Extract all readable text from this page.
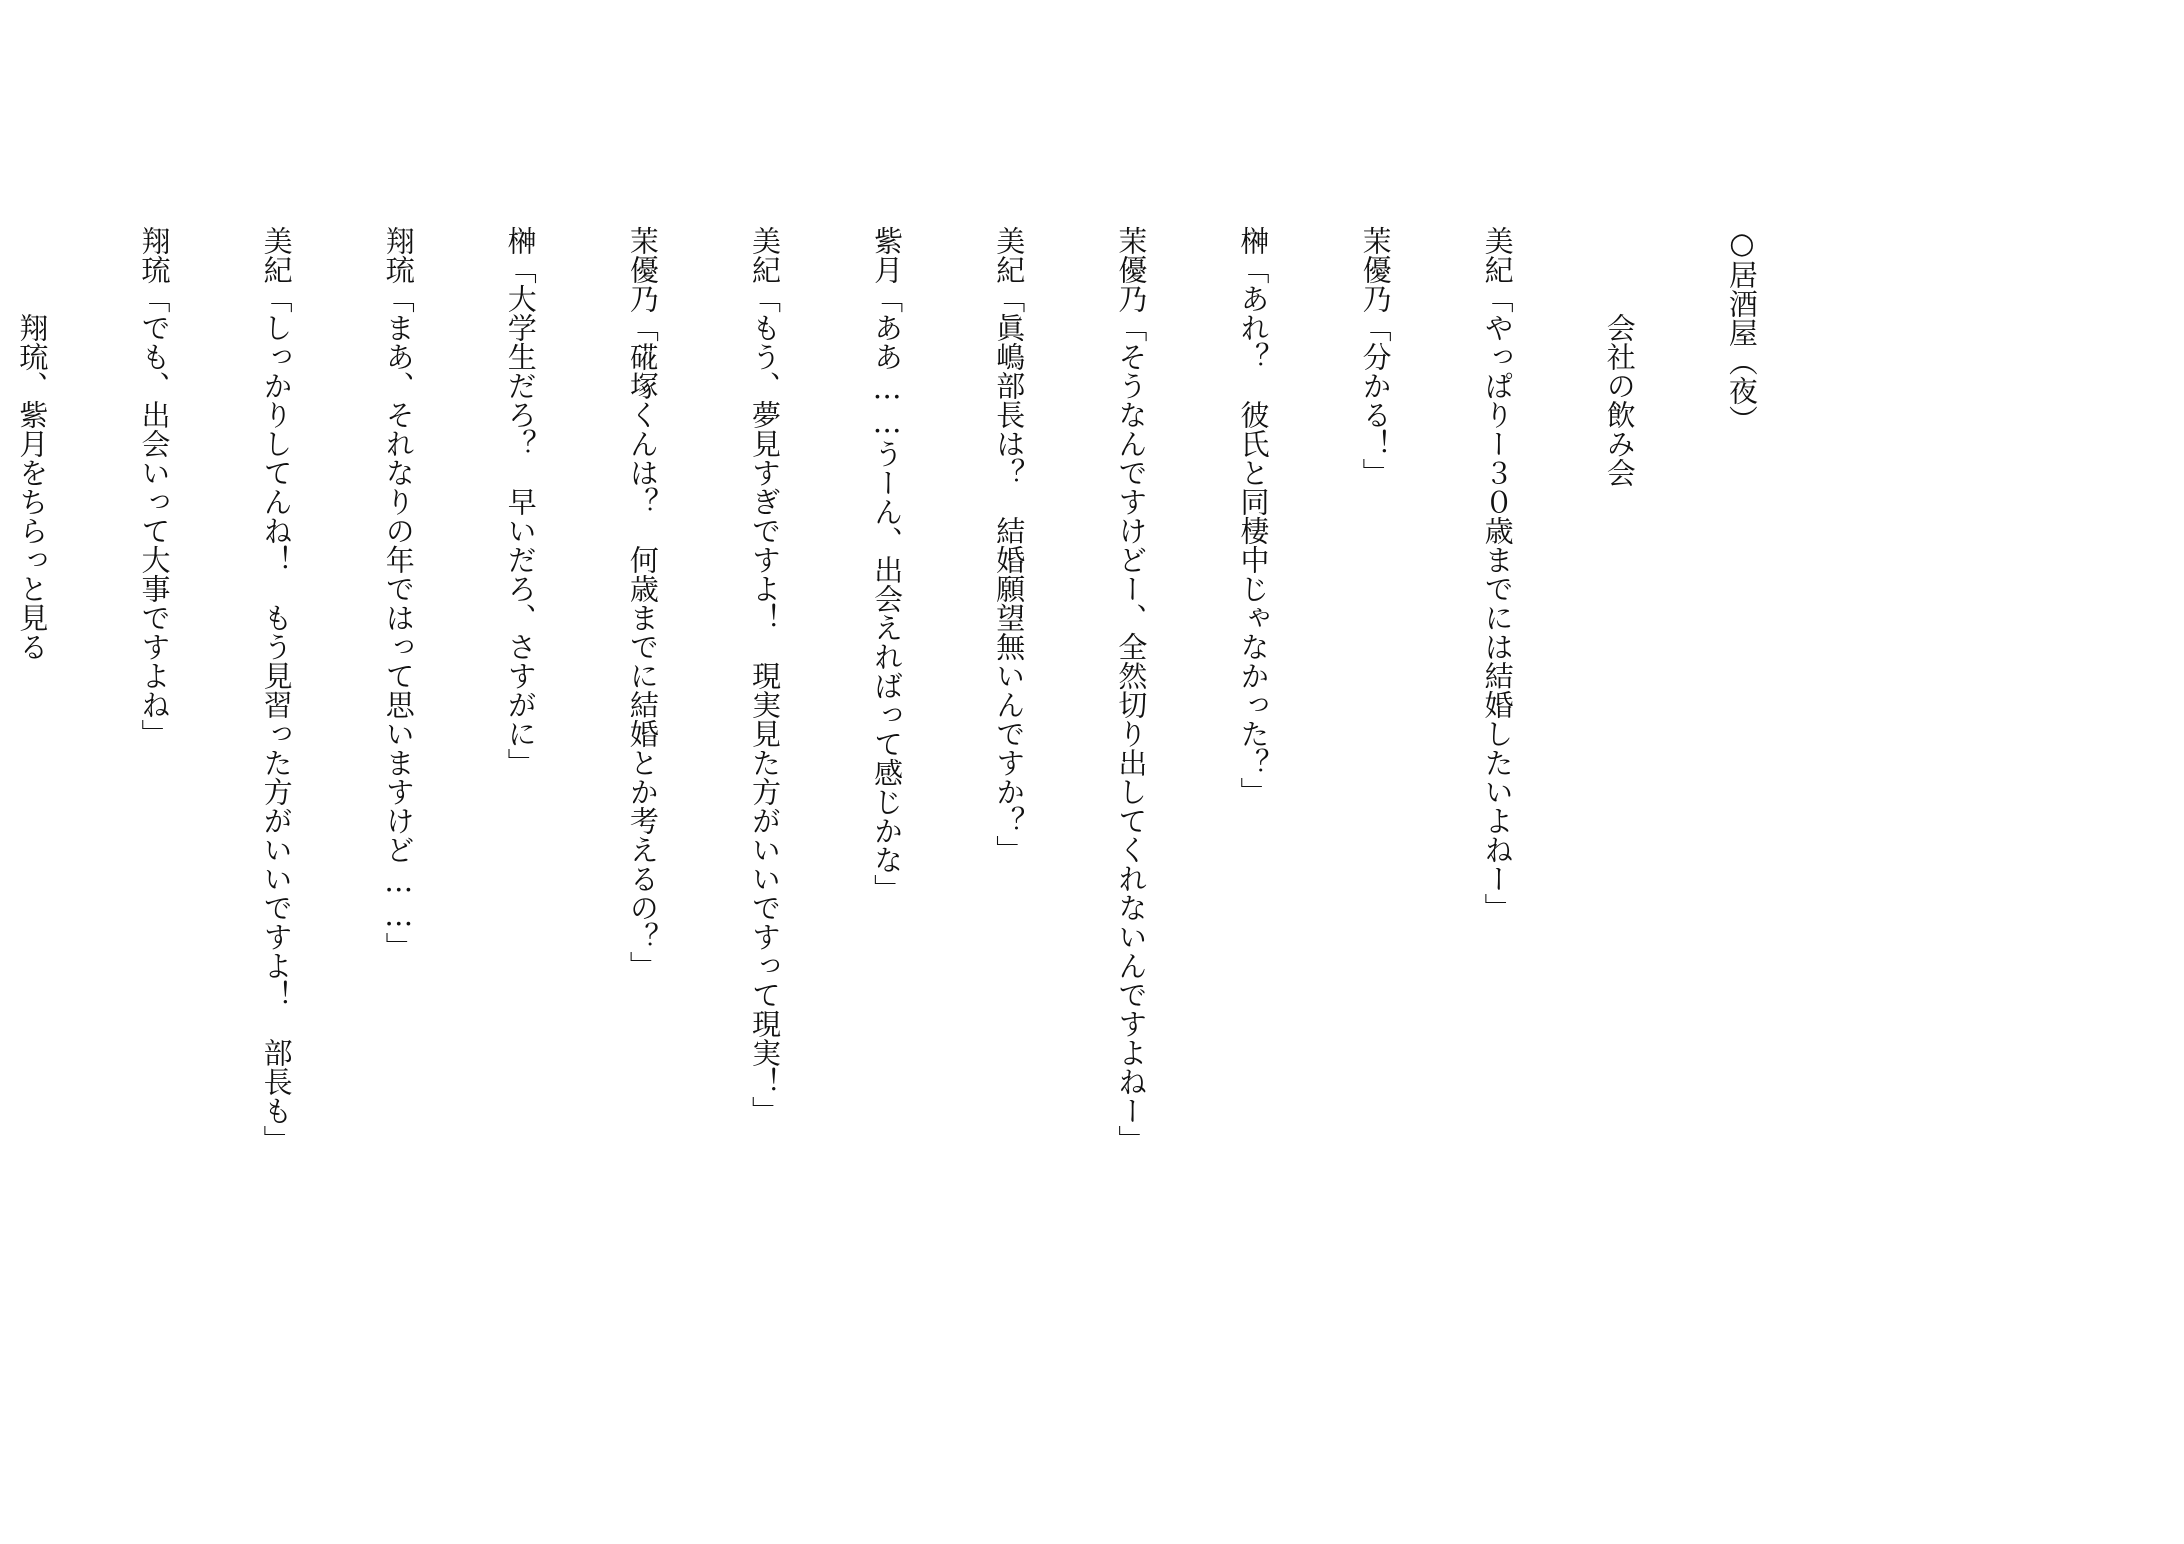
○居酒屋（夜）

会社の飲み会

美紀「やっぱりー３０歳までには結婚したいよねー」

茉優乃「分かる！」

榊「あれ？　彼氏と同棲中じゃなかった？」

茉優乃「そうなんですけどー、全然切り出してくれないんですよねー」

美紀「眞嶋部長は？　結婚願望無いんですか？」

紫月「ああ……うーん、出会えればって感じかな」

美紀「もう、夢見すぎですよ！　現実見た方がいいですって現実！」

茉優乃「硴塚くんは？　何歳までに結婚とか考えるの？」

榊「大学生だろ？　早いだろ、さすがに」

翔琉「まあ、それなりの年ではって思いますけど……」

美紀「しっかりしてんね！　もう見習った方がいいですよ！　部長も」

翔琉「でも、出会いって大事ですよね」

翔琉、紫月をちらっと見る
